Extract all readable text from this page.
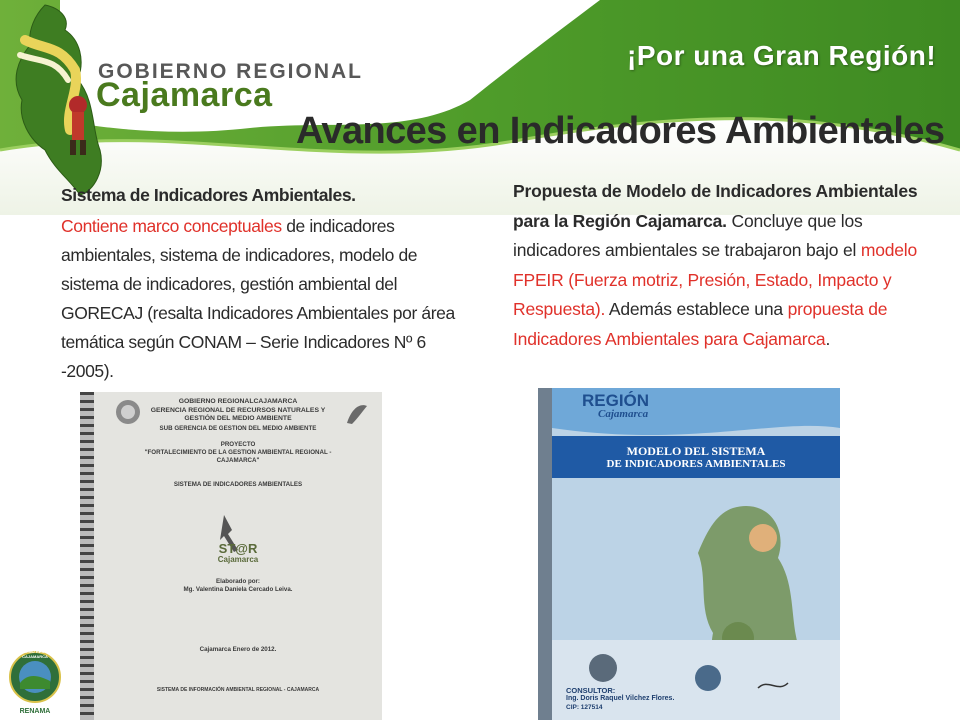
GOBIERNO REGIONAL
Cajamarca
¡Por una Gran Región!
Avances en Indicadores Ambientales
Sistema de Indicadores Ambientales.
Contiene marco conceptuales de indicadores ambientales, sistema de indicadores, modelo de sistema de indicadores, gestión ambiental del GORECAJ (resalta Indicadores Ambientales por área temática según CONAM – Serie Indicadores Nº 6 -2005).
Propuesta de Modelo de Indicadores Ambientales para la Región Cajamarca. Concluye que los indicadores ambientales se trabajaron bajo el modelo FPEIR (Fuerza motriz, Presión, Estado, Impacto y Respuesta). Además establece una propuesta de Indicadores Ambientales para Cajamarca.
GOBIERNO REGIONALCAJAMARCA
GERENCIA REGIONAL DE RECURSOS NATURALES Y
GESTIÓN DEL MEDIO AMBIENTE
SUB GERENCIA DE GESTION DEL MEDIO AMBIENTE
PROYECTO
"FORTALECIMIENTO DE LA GESTION AMBIENTAL REGIONAL -
CAJAMARCA"
SISTEMA DE INDICADORES AMBIENTALES
ST@R
Cajamarca
Elaborado por:
Mg. Valentina Daniela Cercado Leiva.
Cajamarca Enero de 2012.
SISTEMA DE INFORMACIÓN AMBIENTAL REGIONAL - CAJAMARCA
REGIÓN
Cajamarca
MODELO DEL SISTEMA
DE INDICADORES AMBIENTALES
CONSULTOR:
Ing. Doris Raquel Vilchez Flores.
CIP: 127514
GOBIERNO REGIONAL CAJAMARCA
RENAMA
